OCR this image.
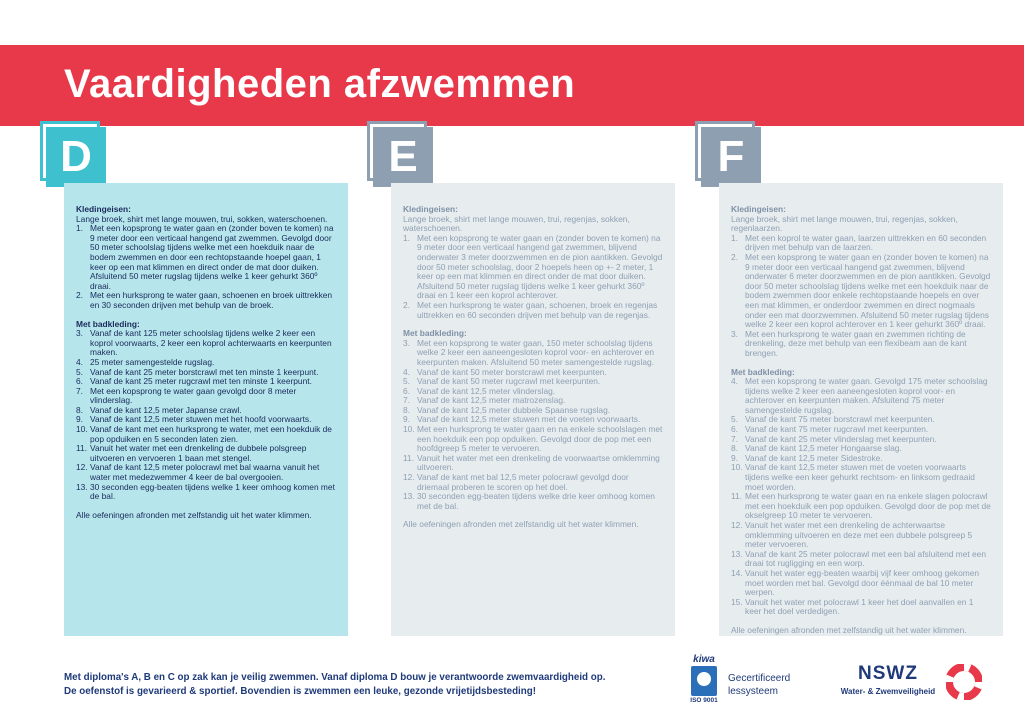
Vaardigheden afzwemmen
D	E	F
Kledingeisen:

Lange broek, shirt met lange mouwen, trui, sokken, waterschoenen.

1. Met een kopsprong te water gaan en (zonder boven te komen) na 9 meter door een verticaal hangend gat zwemmen. Gevolgd door 50 meter schoolslag tijdens welke met een hoekduik naar de bodem zwemmen en door een rechtopstaande hoepel gaan, 1 keer op een mat klimmen en direct onder de mat door duiken. Afsluitend 50 meter rugslag tijdens welke 1 keer gehurkt 360º draai.
2. Met een hurksprong te water gaan, schoenen en broek uittrekken en 30 seconden drijven met behulp van de broek.
Met badkleding:
3. Vanaf de kant 125 meter schoolslag tijdens welke 2 keer een koprol voorwaarts, 2 keer een koprol achterwaarts en keerpunten maken.
4. 25 meter samengestelde rugslag.
5. Vanaf de kant 25 meter borstcrawl met ten minste 1 keerpunt.
6. Vanaf de kant 25 meter rugcrawl met ten minste 1 keerpunt.
7. Met een kopsprong te water gaan gevolgd door 8 meter vlinderslag.
8. Vanaf de kant 12,5 meter Japanse crawl.
9. Vanaf de kant 12,5 meter stuwen met het hoofd voorwaarts.
10. Vanaf de kant met een hurksprong te water, met een hoekduik de pop opduiken en 5 seconden laten zien.
11. Vanuit het water met een drenkeling de dubbele polsgreep uitvoeren en vervoeren 1 baan met stengel.
12. Vanaf de kant 12,5 meter polocrawl met bal waarna vanuit het water met medezwemmer 4 keer de bal overgooien.
13. 30 seconden egg-beaten tijdens welke 1 keer omhoog komen met de bal.

Alle oefeningen afronden met zelfstandig uit het water klimmen.

Kledingeisen:

Lange broek, shirt met lange mouwen, trui, regenjas, sokken, waterschoenen.

1. Met een kopsprong te water gaan en (zonder boven te komen) na 9 meter door een verticaal hangend gat zwemmen, blijvend onderwater 3 meter doorzwemmen en de pion aantikken. Gevolgd door 50 meter schoolslag, door 2 hoepels heen op +- 2 meter, 1 keer op een mat klimmen en direct onder de mat door duiken. Afsluitend 50 meter rugslag tijdens welke 1 keer gehurkt 360º draai en 1 keer een koprol achterover.
2. Met een hurksprong te water gaan, schoenen, broek en regenjas uittrekken en 60 seconden drijven met behulp van de regenjas.
Met badkleding:
3. Met een kopsprong te water gaan, 150 meter schoolslag tijdens welke 2 keer een aaneengesloten koprol voor- en achterover en keerpunten maken. Afsluitend 50 meter samengestelde rugslag.
4. Vanaf de kant 50 meter borstcrawl met keerpunten.
5. Vanaf de kant 50 meter rugcrawl met keerpunten.
6. Vanaf de kant 12,5 meter vlinderslag.
7. Vanaf de kant 12,5 meter matrozenslag.
8. Vanaf de kant 12,5 meter dubbele Spaanse rugslag.
9. Vanaf de kant 12,5 meter stuwen met de voeten voorwaarts.
10. Met een hurksprong te water gaan en na enkele schoolslagen met een hoekduik een pop opduiken. Gevolgd door de pop met een hoofdgreep 5 meter te vervoeren.
11. Vanuit het water met een drenkeling de voorwaartse omklemming uitvoeren.
12. Vanaf de kant met bal 12,5 meter polocrawl gevolgd door driemaal proberen te scoren op het doel.
13. 30 seconden egg-beaten tijdens welke drie keer omhoog komen met de bal.

Alle oefeningen afronden met zelfstandig uit het water klimmen.

Kledingeisen:

Lange broek, shirt met lange mouwen, trui, regenjas, sokken, regenlaarzen.

1. Met een koprol te water gaan, laarzen uittrekken en 60 seconden drijven met behulp van de laarzen.
2. Met een kopsprong te water gaan en (zonder boven te komen) na 9 meter door een verticaal hangend gat zwemmen, blijvend onderwater 6 meter doorzwemmen en de pion aantikken. Gevolgd door 50 meter schoolslag tijdens welke met een hoekduik naar de bodem zwemmen door enkele rechtopstaande hoepels en over een mat klimmen, er onderdoor zwemmen en direct nogmaals onder een mat doorzwemmen. Afsluitend 50 meter rugslag tijdens welke 2 keer een koprol achterover en 1 keer gehurkt 360º draai.
3. Met een hurksprong te water gaan en zwemmen richting de drenkeling, deze met behulp van een flexibeam aan de kant brengen.
Met badkleding:
4. Met een kopsprong te water gaan. Gevolgd 175 meter schoolslag tijdens welke 2 keer een aaneengesloten koprol voor- en achterover en keerpunten maken. Afsluitend 75 meter samengestelde rugslag.
5. Vanaf de kant 75 meter borstcrawl met keerpunten.
6. Vanaf de kant 75 meter rugcrawl met keerpunten.
7. Vanaf de kant 25 meter vlinderslag met keerpunten.
8. Vanaf de kant 12,5 meter Hongaarse slag.
9. Vanaf de kant 12,5 meter Sidestroke.
10. Vanaf de kant 12,5 meter stuwen met de voeten voorwaarts tijdens welke een keer gehurkt rechtsom- en linksom gedraaid moet worden.
11. Met een hurksprong te water gaan en na enkele slagen polocrawl met een hoekduik een pop opduiken. Gevolgd door de pop met de okselgreep 10 meter te vervoeren.
12. Vanuit het water met een drenkeling de achterwaartse omklemming uitvoeren en deze met een dubbele polsgreep 5 meter vervoeren.
13. Vanaf de kant 25 meter polocrawl met een bal afsluitend met een draai tot rugligging en een worp.
14. Vanuit het water egg-beaten waarbij vijf keer omhoog gekomen moet worden met bal. Gevolgd door éénmaal de bal 10 meter werpen.
15. Vanuit het water met polocrawl 1 keer het doel aanvallen en 1 keer het doel verdedigen.

Alle oefeningen afronden met zelfstandig uit het water klimmen.

Met diploma's A, B en C op zak kan je veilig zwemmen. Vanaf diploma D bouw je verantwoorde zwemvaardigheid op.
De oefenstof is gevarieerd & sportief. Bovendien is zwemmen een leuke, gezonde vrijetijdsbesteding!
kiwa
ISO 9001
Gecertificeerd
lessysteem
NSWZ
Water- & Zwemveiligheid
